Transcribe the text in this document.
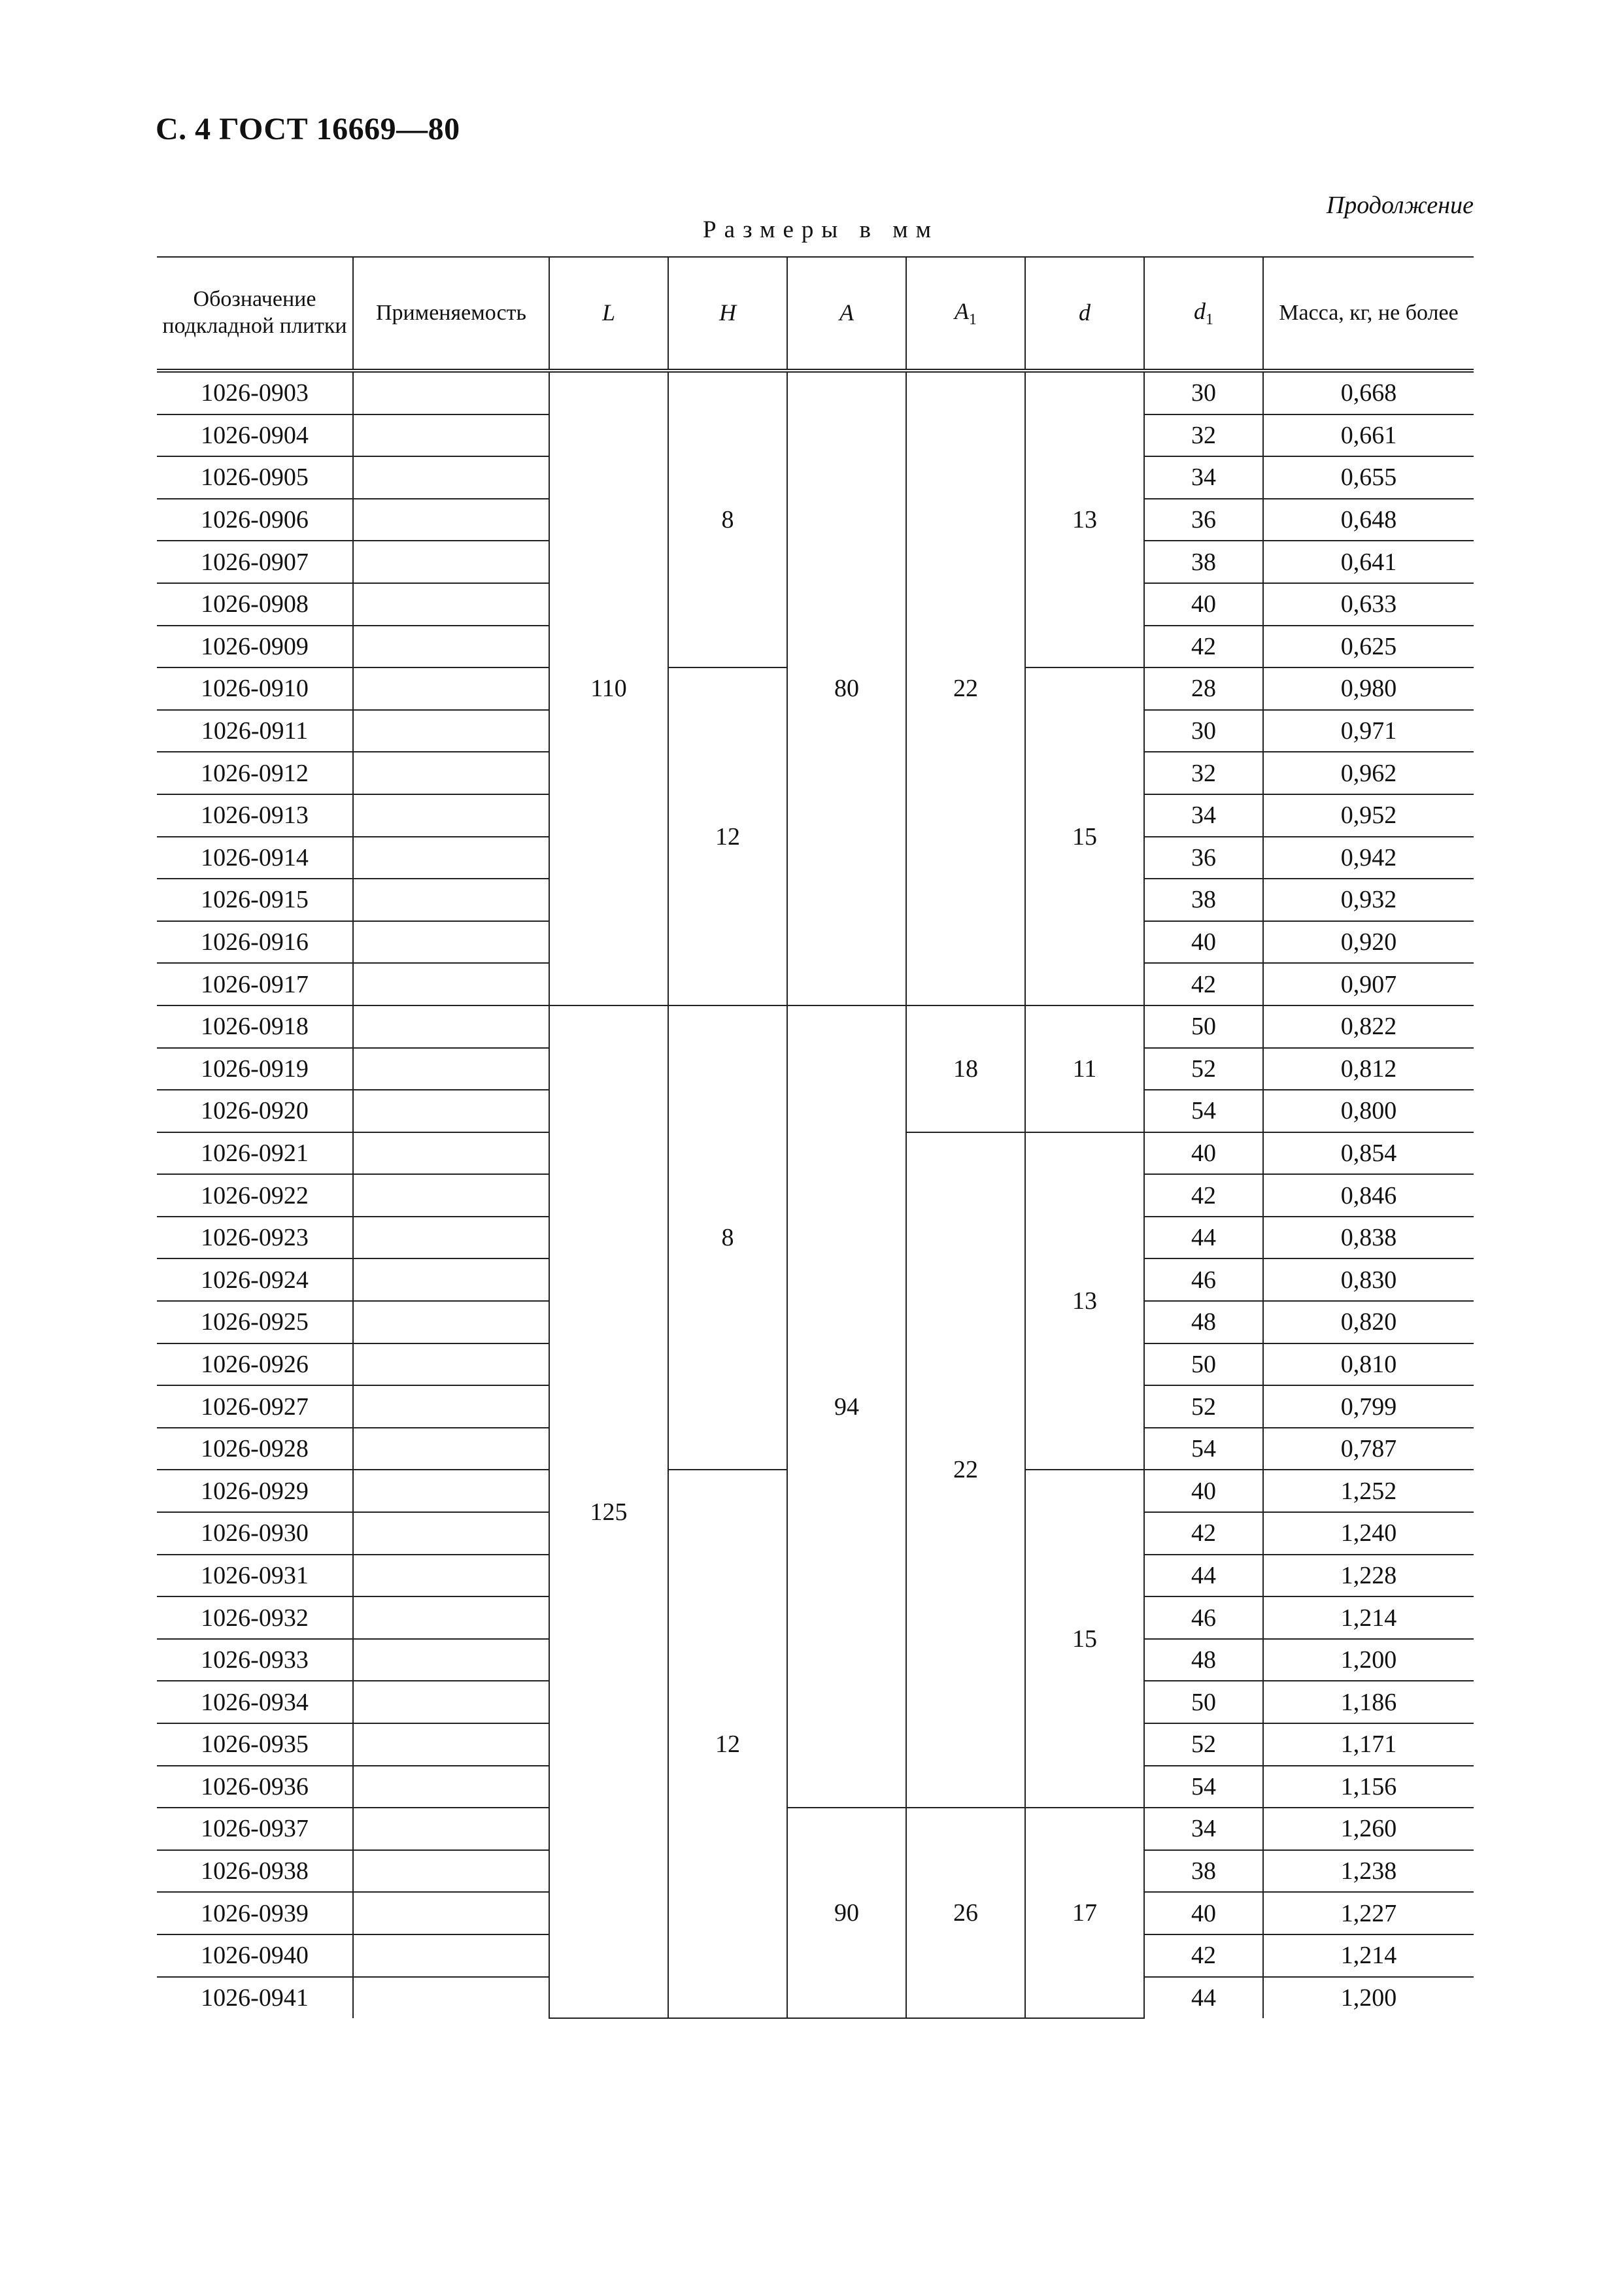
С. 4 ГОСТ 16669—80
Продолжение
Размеры в мм
Обозначение подкладной плитки	Применяемость	L	H	A	$A_1$	d	$d_1$	Масса, кг, не более
1026-0903		110	8	80	22	13	30	0,668
1026-0904							32	0,661
1026-0905							34	0,655
1026-0906							36	0,648
1026-0907							38	0,641
1026-0908							40	0,633
1026-0909							42	0,625
1026-0910			12			15	28	0,980
1026-0911							30	0,971
1026-0912							32	0,962
1026-0913							34	0,952
1026-0914							36	0,942
1026-0915							38	0,932
1026-0916							40	0,920
1026-0917							42	0,907
1026-0918		125	8	94	18	11	50	0,822
1026-0919							52	0,812
1026-0920							54	0,800
1026-0921					22	13	40	0,854
1026-0922							42	0,846
1026-0923							44	0,838
1026-0924							46	0,830
1026-0925							48	0,820
1026-0926							50	0,810
1026-0927							52	0,799
1026-0928							54	0,787
1026-0929			12			15	40	1,252
1026-0930							42	1,240
1026-0931							44	1,228
1026-0932							46	1,214
1026-0933							48	1,200
1026-0934							50	1,186
1026-0935							52	1,171
1026-0936							54	1,156
1026-0937				90	26	17	34	1,260
1026-0938							38	1,238
1026-0939							40	1,227
1026-0940							42	1,214
1026-0941							44	1,200
